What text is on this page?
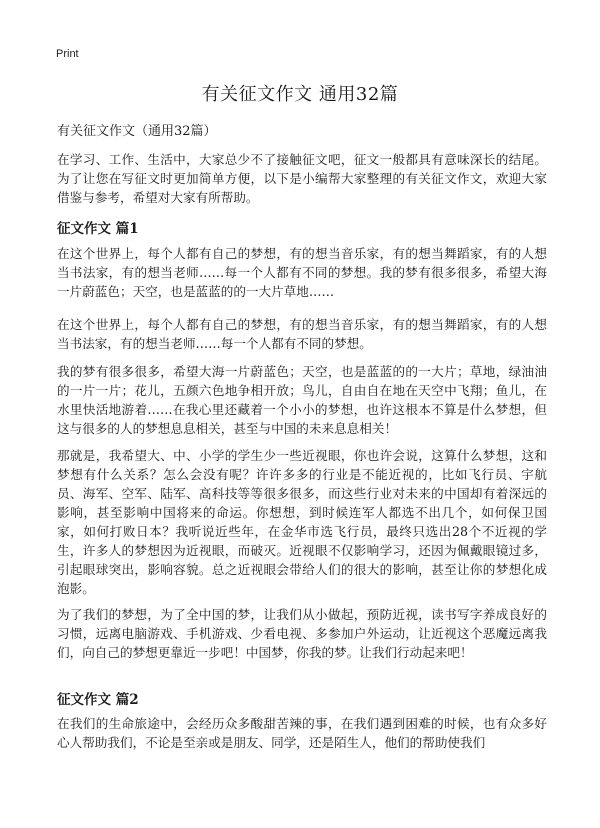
Print
有关征文作文 通用32篇
有关征文作文（通用32篇）

在学习、工作、生活中，大家总少不了接触征文吧，征文一般都具有意味深长的结尾。为了让您在写征文时更加简单方便，以下是小编帮大家整理的有关征文作文，欢迎大家借鉴与参考，希望对大家有所帮助。

征文作文 篇1

在这个世界上，每个人都有自己的梦想，有的想当音乐家，有的想当舞蹈家，有的人想当书法家，有的想当老师……每一个人都有不同的梦想。我的梦有很多很多，希望大海一片蔚蓝色；天空，也是蓝蓝的的一大片草地……

在这个世界上，每个人都有自己的梦想，有的想当音乐家，有的想当舞蹈家，有的人想当书法家，有的想当老师……每一个人都有不同的梦想。

我的梦有很多很多，希望大海一片蔚蓝色；天空，也是蓝蓝的的一大片；草地，绿油油的一片一片；花儿，五颜六色地争相开放；鸟儿，自由自在地在天空中飞翔；鱼儿，在水里快活地游着……在我心里还藏着一个小小的梦想，也许这根本不算是什么梦想，但这与很多的人的梦想息息相关，甚至与中国的未来息息相关！

那就是，我希望大、中、小学的学生少一些近视眼，你也许会说，这算什么梦想，这和梦想有什么关系？怎么会没有呢？许许多多的行业是不能近视的，比如飞行员、宇航员、海军、空军、陆军、高科技等等很多很多，而这些行业对未来的中国却有着深远的影响，甚至影响中国将来的命运。你想想，到时候连军人都选不出几个，如何保卫国家，如何打败日本？我听说近些年，在金华市选飞行员，最终只选出28个不近视的学生，许多人的梦想因为近视眼，而破灭。近视眼不仅影响学习，还因为佩戴眼镜过多，引起眼球突出，影响容貌。总之近视眼会带给人们的很大的影响，甚至让你的梦想化成泡影。

为了我们的梦想，为了全中国的梦，让我们从小做起，预防近视，读书写字养成良好的习惯，远离电脑游戏、手机游戏、少看电视、多参加户外运动，让近视这个恶魔远离我们，向自己的梦想更靠近一步吧！中国梦，你我的梦。让我们行动起来吧！

征文作文 篇2

在我们的生命旅途中，会经历众多酸甜苦辣的事，在我们遇到困难的时候，也有众多好心人帮助我们，不论是至亲或是朋友、同学，还是陌生人，他们的帮助使我们
